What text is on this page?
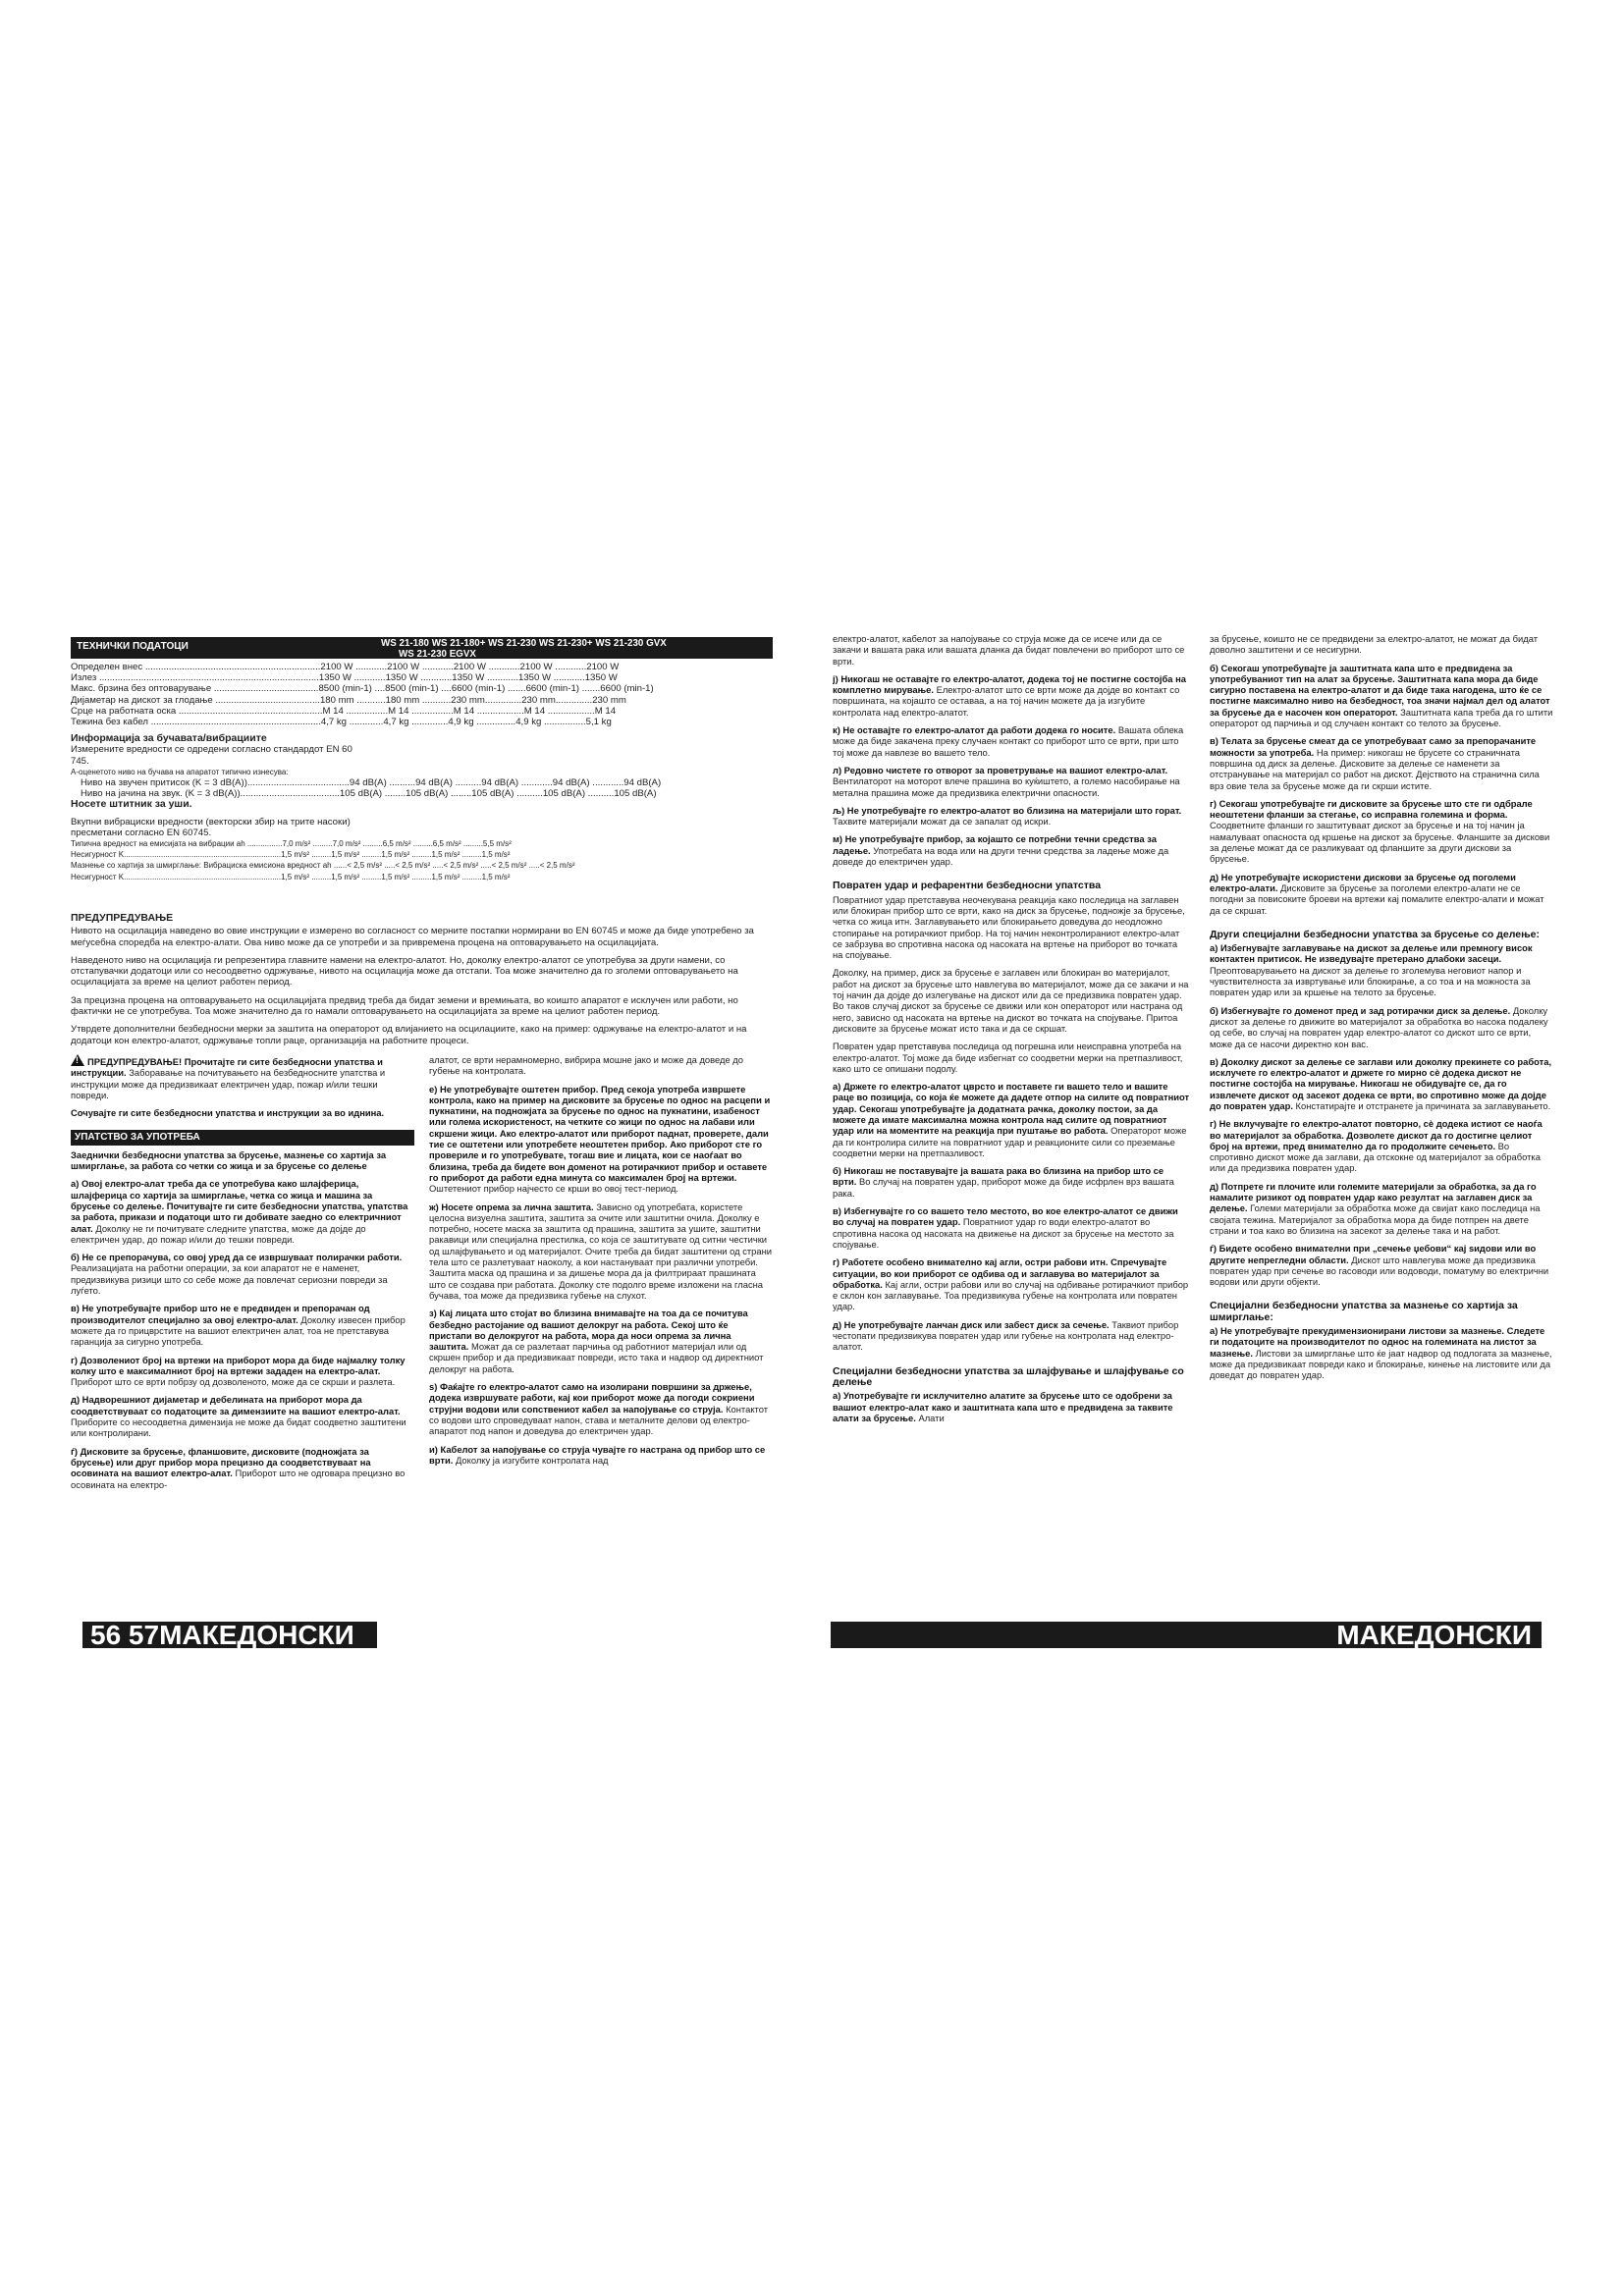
ТЕХНИЧКИ ПОДАТОЦИ	WS 21-180 WS 21-180+ WS 21-230 WS 21-230+ WS 21-230 GVX
WS 21-230 EGVX
Определен внес ...................................................................2100 W ............2100 W ............2100 W ............2100 W ............2100 W
Излез ....................................................................................1350 W ............1350 W ............1350 W ............1350 W ............1350 W
Макс. брзина без оптоварување ........................................8500 (min-1) ....8500 (min-1) ....6600 (min-1) .......6600 (min-1) .......6600 (min-1)
Дијаметар на дискот за глодање ........................................180 mm ...........180 mm ...........230 mm..............230 mm..............230 mm
Срце на работната оска .......................................................M 14 ................M 14 ................M 14 ..................M 14 ..................M 14
Тежина без кабел .................................................................4,7 kg .............4,7 kg ..............4,9 kg ...............4,9 kg ................5,1 kg
Информација за бучавата/вибрациите
Измерените вредности се одредени согласно стандардот EN 60 745.
А-оценетото ниво на бучава на апаратот типично изнесува:
Ниво на звучен притисок (K = 3 dB(A)).......................................94 dB(A) ..........94 dB(A) ..........94 dB(A) ............94 dB(A) ............94 dB(A)
Ниво на јачина на звук. (K = 3 dB(A))......................................105 dB(A) ........105 dB(A) ........105 dB(A) ..........105 dB(A) ..........105 dB(A)
Носете штитник за уши.
Вкупни вибрациски вредности (векторски збир на трите насоки) пресметани согласно EN 60745.
Типична вредност на емисијата на вибрации ah ................7,0 m/s² .........7,0 m/s² .........6,5 m/s² .........6,5 m/s² .........5,5 m/s²
Несигурност K........................................................................1,5 m/s² .........1,5 m/s² .........1,5 m/s² .........1,5 m/s² .........1,5 m/s²
Мазнење со хартија за шмирглање: Вибрациска емисиона вредност ah ......< 2,5 m/s² .....< 2,5 m/s² .....< 2,5 m/s² .....< 2,5 m/s² .....< 2,5 m/s²
Несигурност K........................................................................1,5 m/s² .........1,5 m/s² .........1,5 m/s² .........1,5 m/s² .........1,5 m/s²
ПРЕДУПРЕДУВАЊЕ

Нивото на осцилација наведено во овие инструкции е измерено во согласност со мерните постапки нормирани во EN 60745 и може да биде употребено за меѓусебна споредба на електро-алати. Ова ниво може да се употреби и за привремена процена на оптоварувањето на осцилацијата.

Наведеното ниво на осцилација ги репрезентира главните намени на електро-алатот. Но, доколку електро-алатот се употребува за други намени, со отстапувачки додатоци или со несоодветно одржување, нивото на осцилација може да отстапи. Тоа може значително да го зголеми оптоварувањето на осцилацијата за време на целиот работен период.

За прецизна процена на оптоварувањето на осцилацијата предвид треба да бидат земени и времињата, во коишто апаратот е исклучен или работи, но фактички не се употребува. Тоа може значително да го намали оптоварувањето на осцилацијата за време на целиот работен период.

Утврдете дополнителни безбедносни мерки за заштита на операторот од влијанието на осцилациите, како на пример: одржување на електро-алатот и на додатоци кон електро-алатот, одржување топли раце, организација на работните процеси.

!ПРЕДУПРЕДУВАЊЕ! Прочитајте ги сите безбедносни упатства и инструкции. Заборавање на почитувањето на безбедносните упатства и инструкции може да предизвикаат електричен удар, пожар и/или тешки повреди.

Сочувајте ги сите безбедносни упатства и инструкции за во иднина.

УПАТСТВО ЗА УПОТРЕБА

Заеднички безбедносни упатства за брусење, мазнење со хартија за шмирглање, за работа со четки со жица и за брусење со делење

а) Овој електро-алат треба да се употребува како шлајферица, шлајферица со хартија за шмирглање, четка со жица и машина за брусење со делење. Почитувајте ги сите безбедносни упатства, упатства за работа, прикази и податоци што ги добивате заедно со електричниот алат. Доколку не ги почитувате следните упатства, може да дојде до електричен удар, до пожар и/или до тешки повреди.

б) Не се препорачува, со овој уред да се извршуваат полирачки работи. Реализацијата на работни операции, за кои апаратот не е наменет, предизвикува ризици што со себе може да повлечат сериозни повреди за луѓето.

в) Не употребувајте прибор што не е предвиден и препорачан од производителот специјално за овој електро-алат. Доколку извесен прибор можете да го прицврстите на вашиот електричен алат, тоа не претставува гаранција за сигурно употреба.

г) Дозволениот број на вртежи на приборот мора да биде најмалку толку колку што е максималниот број на вртежи зададен на електро-алат. Приборот што се врти побрзу од дозволеното, може да се скрши и разлета.

д) Надворешниот дијаметар и дебелината на приборот мора да соодветствуваат со податоците за димензиите на вашиот електро-алат. Приборите со несоодветна димензија не може да бидат соодветно заштитени или контролирани.

ѓ) Дисковите за брусење, фланшовите, дисковите (подножјата за брусење) или друг прибор мора прецизно да соодветствуваат на осовината на вашиот електро-алат. Приборот што не одговара прецизно во осовината на електро-

алатот, се врти нерамномерно, вибрира мошне јако и може да доведе до губење на контролата.

е) Не употребувајте оштетен прибор. Пред секоја употреба извршете контрола, како на пример на дисковите за брусење по однос на расцепи и пукнатини, на подножјата за брусење по однос на пукнатини, изабеност или голема искористеност, на четките со жици по однос на лабави или скршени жици. Ако електро-алатот или приборот паднат, проверете, дали тие се оштетени или употребете неоштетен прибор. Ако приборот сте го провериле и го употребувате, тогаш вие и лицата, кои се наоѓаат во близина, треба да бидете вон доменот на ротирачкиот прибор и оставете го приборот да работи една минута со максимален број на вртежи. Оштетениот прибор најчесто се крши во овој тест-период.

ж) Носете опрема за лична заштита. Зависно од употребата, користете целосна визуелна заштита, заштита за очите или заштитни очила. Доколку е потребно, носете маска за заштита од прашина, заштита за ушите, заштитни ракавици или специјална престилка, со која се заштитувате од ситни честички од шлајфувањето и од материјалот. Очите треба да бидат заштитени од страни тела што се разлетуваат наоколу, а кои настануваат при различни употреби. Заштита маска од прашина и за дишење мора да ја филтрираат прашината што се создава при работата. Доколку сте подолго време изложени на гласна бучава, тоа може да предизвика губење на слухот.

з) Кај лицата што стојат во близина внимавајте на тоа да се почитува безбедно растојание од вашиот делокруг на работа. Секој што ќе пристапи во делокругот на работа, мора да носи опрема за лична заштита. Можат да се разлетаат парчиња од работниот материјал или од скршен прибор и да предизвикаат повреди, исто така и надвор од директниот делокруг на работа.

ѕ) Фаќајте го електро-алатот само на изолирани површини за држење, додека извршувате работи, кај кои приборот може да погоди сокриени струјни водови или сопствениот кабел за напојување со струја. Контактот со водови што спроведуваат напон, става и металните делови од електро-апаратот под напон и доведува до електричен удар.

и) Кабелот за напојување со струја чувајте го настрана од прибор што се врти. Доколку ја изгубите контролата над

електро-алатот, кабелот за напојување со струја може да се исече или да се закачи и вашата рака или вашата дланка да бидат повлечени во приборот што се врти.

ј) Никогаш не оставајте го електро-алатот, додека тој не постигне состојба на комплетно мирување. Електро-алатот што се врти може да дојде во контакт со површината, на којашто се оставаа, а на тој начин можете да ја изгубите контролата над електро-алатот.

к) Не оставајте го електро-алатот да работи додека го носите. Вашата облека може да биде закачена преку случаен контакт со приборот што се врти, при што тој може да навлезе во вашето тело.

л) Редовно чистете го отворот за проветрување на вашиот електро-алат. Вентилаторот на моторот влече прашина во куќиштето, а големо насобирање на метална прашина може да предизвика електрични опасности.

љ) Не употребувајте го електро-алатот во близина на материјали што горат. Тахвите материјали можат да се запалат од искри.

м) Не употребувајте прибор, за којашто се потребни течни средства за ладење. Употребата на вода или на други течни средства за ладење може да доведе до електричен удар.

Повратен удар и рефарентни безбедносни упатства

Повратниот удар претставува неочекувана реакција како последица на заглавен или блокиран прибор што се врти, како на диск за брусење, подножје за брусење, четка со жица итн. Заглавувањето или блокирањето доведува до неодложно стопирање на ротирачкиот прибор. На тој начин неконтролираниот електро-алат се забрзува во спротивна насока од насоката на вртење на приборот во точката на спојување.

Доколку, на пример, диск за брусење е заглавен или блокиран во материјалот, работ на дискот за брусење што навлегува во материјалот, може да се закачи и на тој начин да дојде до излегување на дискот или да се предизвика повратен удар. Во таков случај дискот за брусење се движи или кон операторот или настрана од него, зависно од насоката на вртење на дискот во точката на спојување. Притоа дисковите за брусење можат исто така и да се скршат.

Повратен удар претставува последица од погрешна или неисправна употреба на електро-алатот. Тој може да биде избегнат со соодветни мерки на претпазливост, како што се опишани подолу.

а) Држете го електро-алатот цврсто и поставете ги вашето тело и вашите раце во позиција, со која ќе можете да дадете отпор на силите од повратниот удар. Секогаш употребувајте ја додатната рачка, доколку постои, за да можете да имате максимална можна контрола над силите од повратниот удар или на моментите на реакција при пуштање во работа. Операторот може да ги контролира силите на повратниот удар и реакционите сили со преземање соодветни мерки на претпазливост.

б) Никогаш не поставувајте ја вашата рака во близина на прибор што се врти. Во случај на повратен удар, приборот може да биде исфрлен врз вашата рака.

в) Избегнувајте го со вашето тело местото, во кое електро-алатот се движи во случај на повратен удар. Повратниот удар го води електро-алатот во спротивна насока од насоката на движење на дискот за брусење на местото за спојување.

г) Работете особено внимателно кај агли, остри рабови итн. Спречувајте ситуации, во кои приборот се одбива од и заглавува во материјалот за обработка. Кај агли, остри рабови или во случај на одбивање ротирачкиот прибор е склон кон заглавување. Тоа предизвикува губење на контролата или повратен удар.

д) Не употребувајте ланчан диск или забест диск за сечење. Таквиот прибор честопати предизвикува повратен удар или губење на контролата над електро-алатот.

Специјални безбедносни упатства за шлајфување и шлајфување со делење

а) Употребувајте ги исклучително алатите за брусење што се одобрени за вашиот електро-алат како и заштитната капа што е предвидена за таквите алати за брусење. Алати

за брусење, коишто не се предвидени за електро-алатот, не можат да бидат доволно заштитени и се несигурни.

б) Секогаш употребувајте ја заштитната капа што е предвидена за употребуваниот тип на алат за брусење. Заштитната капа мора да биде сигурно поставена на електро-алатот и да биде така нагодена, што ќе се постигне максимално ниво на безбедност, тоа значи најмал дел од алатот за брусење да е насочен кон операторот. Заштитната капа треба да го штити операторот од парчиња и од случаен контакт со телото за брусење.

в) Телата за брусење смеат да се употребуваат само за препорачаните можности за употреба. На пример: никогаш не брусете со страничната површина од диск за делење. Дисковите за делење се наменети за отстранување на материјал со работ на дискот. Дејството на страничнa сила врз овие тела за брусење може да ги скрши истите.

г) Секогаш употребувајте ги дисковите за брусење што сте ги одбрале неоштетени фланши за стегање, со исправна големина и форма. Соодветните фланши го заштитуваат дискот за брусење и на тој начин ја намалуваат опасноста од кршење на дискот за брусење. Фланшите за дискови за делење можат да се разликуваат од фланшите за други дискови за брусење.

д) Не употребувајте искористени дискови за брусење од поголеми електро-алати. Дисковите за брусење за поголеми електро-алати не се погодни за повисоките броеви на вртежи кај помалите електро-алати и можат да се скршат.

Други специјални безбедносни упатства за брусење со делење:

а) Избегнувајте заглавување на дискот за делење или премногу висок контактен притисок. Не изведувајте претерано длабоки засеци. Преоптоварувањето на дискот за делење го зголемува неговиот напор и чувствителноста за извртување или блокирање, а со тоа и на можноста за повратен удар или за кршење на телото за брусење.

б) Избегнувајте го доменот пред и зад ротирачки диск за делење. Доколку дискот за делење го движите во материјалот за обработка во насока подалеку од себе, во случај на повратен удар електро-алатот со дискот што се врти, може да се насочи директно кон вас.

в) Доколку дискот за делење се заглави или доколку прекинете со работа, исклучете го електро-алатот и држете го мирно сè додека дискот не постигне состојба на мирување. Никогаш не обидувајте се, да го извлечете дискот од засекот додека се врти, во спротивно може да дојде до повратен удар. Констатирајте и отстранете ја причината за заглавувањето.

г) Не вклучувајте го електро-алатот повторно, сè додека истиот се наоѓа во материјалот за обработка. Дозволете дискот да го достигне целиот број на вртежи, пред внимателно да го продолжите сечењето. Во спротивно дискот може да заглави, да отскокне од материјалот за обработка или да предизвика повратен удар.

д) Потпрете ги плочите или големите материјали за обработка, за да го намалите ризикот од повратен удар како резултат на заглавен диск за делење. Големи материјали за обработка може да свијат како последица на својата тежина. Материјалот за обработка мора да биде потпрен на двете страни и тоа како во близина на засекот за делење така и на работ.

ѓ) Бидете особено внимателни при „сечење џебови“ кај ѕидови или во другите непрегледни области. Дискот што навлегува може да предизвика повратен удар при сечење во гасоводи или водоводи, поматуму во електрични водови или други објекти.

Специјални безбедносни упатства за мазнење со хартија за шмирглање:

а) Не употребувајте прекудимензионирани листови за мазнење. Следете ги податоците на производителот по однос на големината на листот за мазнење. Листови за шмирглање што ќе јаат надвор од подлогата за мазнење, може да предизвикаат повреди како и блокирање, кинење на листовите или да доведат до повратен удар.

56 57МАКЕДОНСКИ	МАКЕДОНСКИ
